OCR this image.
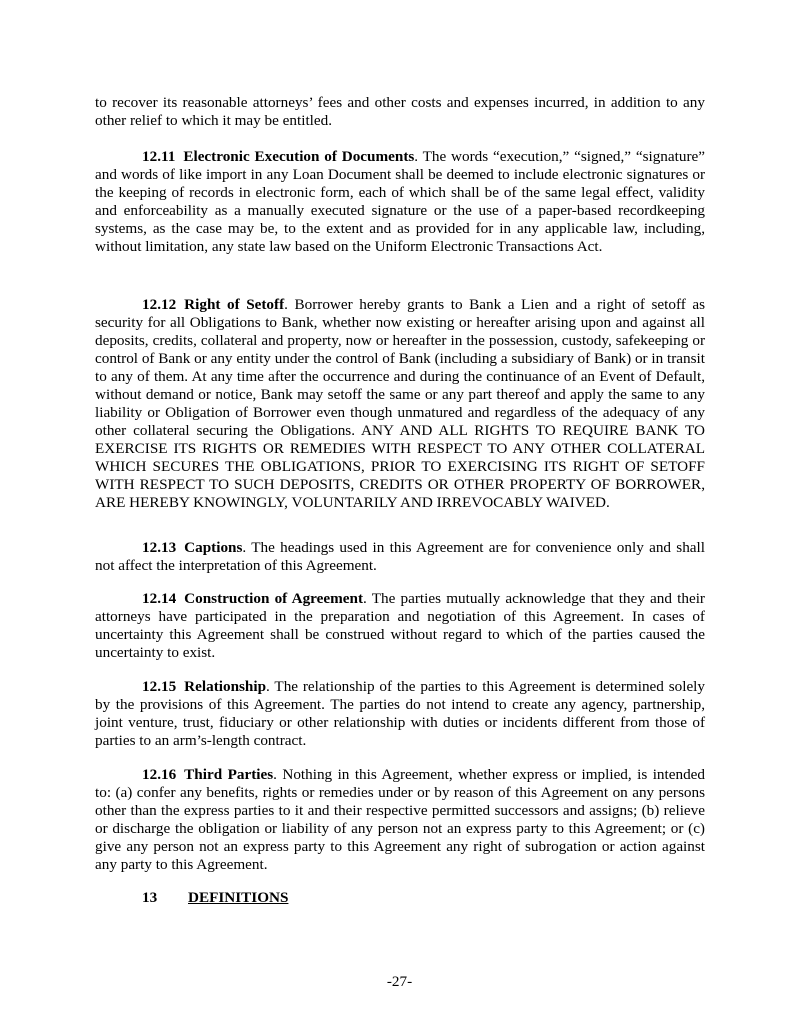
to recover its reasonable attorneys’ fees and other costs and expenses incurred, in addition to any other relief to which it may be entitled.

12.11 Electronic Execution of Documents. The words “execution,” “signed,” “signature” and words of like import in any Loan Document shall be deemed to include electronic signatures or the keeping of records in electronic form, each of which shall be of the same legal effect, validity and enforceability as a manually executed signature or the use of a paper-based recordkeeping systems, as the case may be, to the extent and as provided for in any applicable law, including, without limitation, any state law based on the Uniform Electronic Transactions Act.

12.12 Right of Setoff. Borrower hereby grants to Bank a Lien and a right of setoff as security for all Obligations to Bank, whether now existing or hereafter arising upon and against all deposits, credits, collateral and property, now or hereafter in the possession, custody, safekeeping or control of Bank or any entity under the control of Bank (including a subsidiary of Bank) or in transit to any of them. At any time after the occurrence and during the continuance of an Event of Default, without demand or notice, Bank may setoff the same or any part thereof and apply the same to any liability or Obligation of Borrower even though unmatured and regardless of the adequacy of any other collateral securing the Obligations. ANY AND ALL RIGHTS TO REQUIRE BANK TO EXERCISE ITS RIGHTS OR REMEDIES WITH RESPECT TO ANY OTHER COLLATERAL WHICH SECURES THE OBLIGATIONS, PRIOR TO EXERCISING ITS RIGHT OF SETOFF WITH RESPECT TO SUCH DEPOSITS, CREDITS OR OTHER PROPERTY OF BORROWER, ARE HEREBY KNOWINGLY, VOLUNTARILY AND IRREVOCABLY WAIVED.

12.13 Captions. The headings used in this Agreement are for convenience only and shall not affect the interpretation of this Agreement.

12.14 Construction of Agreement. The parties mutually acknowledge that they and their attorneys have participated in the preparation and negotiation of this Agreement. In cases of uncertainty this Agreement shall be construed without regard to which of the parties caused the uncertainty to exist.

12.15 Relationship. The relationship of the parties to this Agreement is determined solely by the provisions of this Agreement. The parties do not intend to create any agency, partnership, joint venture, trust, fiduciary or other relationship with duties or incidents different from those of parties to an arm’s-length contract.

12.16 Third Parties. Nothing in this Agreement, whether express or implied, is intended to: (a) confer any benefits, rights or remedies under or by reason of this Agreement on any persons other than the express parties to it and their respective permitted successors and assigns; (b) relieve or discharge the obligation or liability of any person not an express party to this Agreement; or (c) give any person not an express party to this Agreement any right of subrogation or action against any party to this Agreement.

13 DEFINITIONS

-27-
